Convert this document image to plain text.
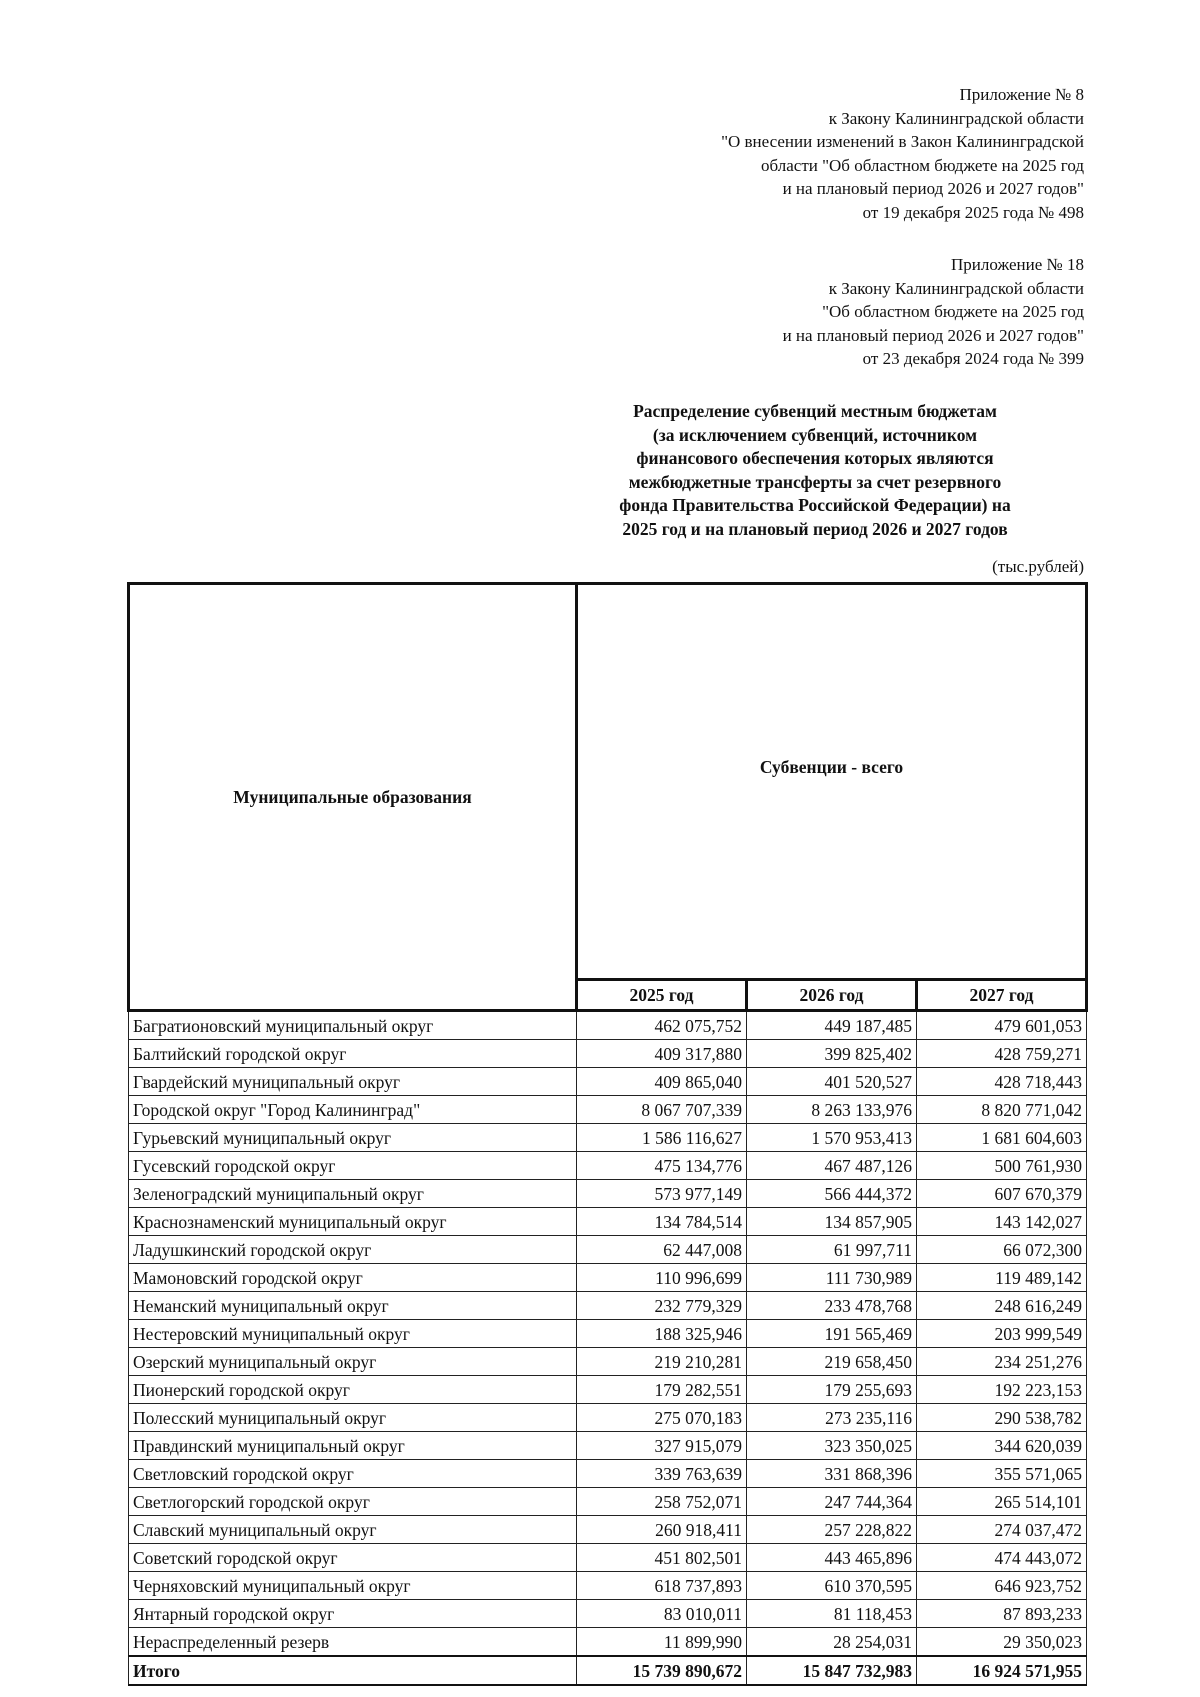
Приложение № 8
к Закону Калининградской области
"О внесении изменений в Закон Калининградской
области "Об областном бюджете на 2025 год
и на плановый период 2026 и 2027 годов"
от 19 декабря 2025 года № 498
Приложение № 18
к Закону Калининградской области
"Об областном бюджете на 2025 год
и на плановый период 2026 и 2027 годов"
от 23 декабря 2024 года № 399
Распределение субвенций местным бюджетам
(за исключением субвенций, источником
финансового обеспечения которых являются
межбюджетные трансферты за счет резервного
фонда Правительства Российской Федерации) на
2025 год и на плановый период 2026 и 2027 годов
(тыс.рублей)
Муниципальные образования	Субвенции - всего		
	2025 год	2026 год	2027 год
Багратионовский муниципальный округ	462 075,752	449 187,485	479 601,053
Балтийский городской округ	409 317,880	399 825,402	428 759,271
Гвардейский муниципальный округ	409 865,040	401 520,527	428 718,443
Городской округ "Город Калининград"	8 067 707,339	8 263 133,976	8 820 771,042
Гурьевский муниципальный округ	1 586 116,627	1 570 953,413	1 681 604,603
Гусевский городской округ	475 134,776	467 487,126	500 761,930
Зеленоградский муниципальный округ	573 977,149	566 444,372	607 670,379
Краснознаменский муниципальный округ	134 784,514	134 857,905	143 142,027
Ладушкинский городской округ	62 447,008	61 997,711	66 072,300
Мамоновский городской округ	110 996,699	111 730,989	119 489,142
Неманский муниципальный округ	232 779,329	233 478,768	248 616,249
Нестеровский муниципальный округ	188 325,946	191 565,469	203 999,549
Озерский муниципальный округ	219 210,281	219 658,450	234 251,276
Пионерский городской округ	179 282,551	179 255,693	192 223,153
Полесский муниципальный округ	275 070,183	273 235,116	290 538,782
Правдинский муниципальный округ	327 915,079	323 350,025	344 620,039
Светловский городской округ	339 763,639	331 868,396	355 571,065
Светлогорский городской округ	258 752,071	247 744,364	265 514,101
Славский муниципальный округ	260 918,411	257 228,822	274 037,472
Советский городской округ	451 802,501	443 465,896	474 443,072
Черняховский муниципальный округ	618 737,893	610 370,595	646 923,752
Янтарный городской округ	83 010,011	81 118,453	87 893,233
Нераспределенный резерв	11 899,990	28 254,031	29 350,023
Итого	15 739 890,672	15 847 732,983	16 924 571,955
